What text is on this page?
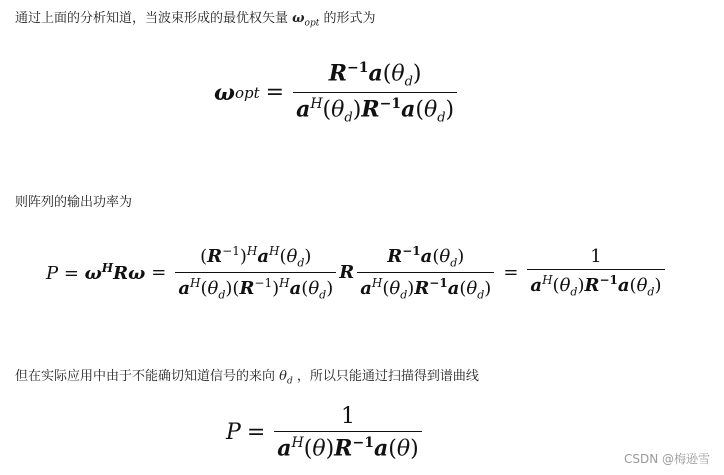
通过上面的分析知道，当波束形成的最优权矢量 $\omega_{opt}$ 的形式为
ω opt = $\frac{R^{-1}a(\theta_d)}{a^H(\theta_d)R^{-1}a(\theta_d)}$
则阵列的输出功率为
$P = \omega^HR\omega = \frac{(R^{-1})^Ha^H(\theta_d)}{a^H(\theta_d)(R^{-1})^Ha(\theta_d)}$ R $\frac{R^{-1}a(\theta_d)}{a^H(\theta_d)R^{-1}a(\theta_d)} = \frac{1}{a^H(\theta_d)R^{-1}a(\theta_d)}$
但在实际应用中由于不能确切知道信号的来向 $\theta_d$ ，所以只能通过扫描得到谱曲线
$P = \frac{1}{a^H(\theta)R^{-1}a(\theta)}$	CSDN @梅逊雪
